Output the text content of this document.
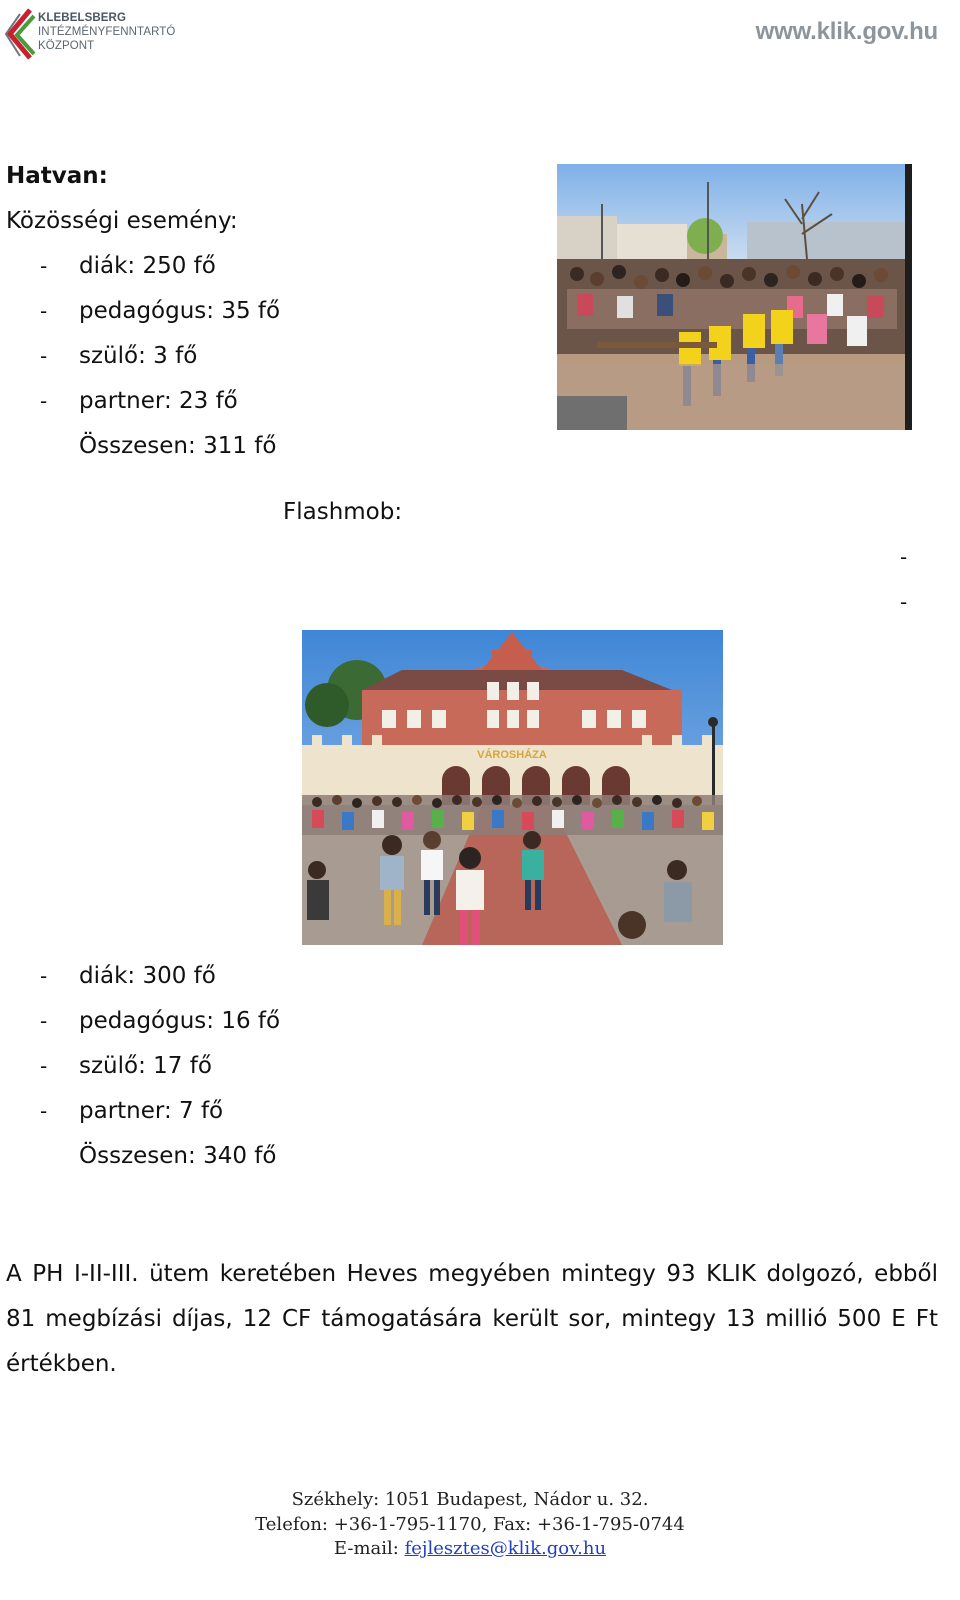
KLEBELSBERG
INTÉZMÉNYFENNTARTÓ
KÖZPONT
www.klik.gov.hu
Hatvan:
Közösségi esemény:
- diák: 250 fő
- pedagógus: 35 fő
- szülő: 3 fő
- partner: 23 fő
Összesen: 311 fő
Flashmob:
-
-
VÁROSHÁZA
- diák: 300 fő
- pedagógus: 16 fő
- szülő: 17 fő
- partner: 7 fő
Összesen: 340 fő
A PH I-II-III. ütem keretében Heves megyében mintegy 93 KLIK dolgozó, ebből 81 megbízási díjas, 12 CF támogatására került sor, mintegy 13 millió 500 E Ft értékben.
Székhely: 1051 Budapest, Nádor u. 32.
Telefon: +36-1-795-1170, Fax: +36-1-795-0744
E-mail: fejlesztes@klik.gov.hu
